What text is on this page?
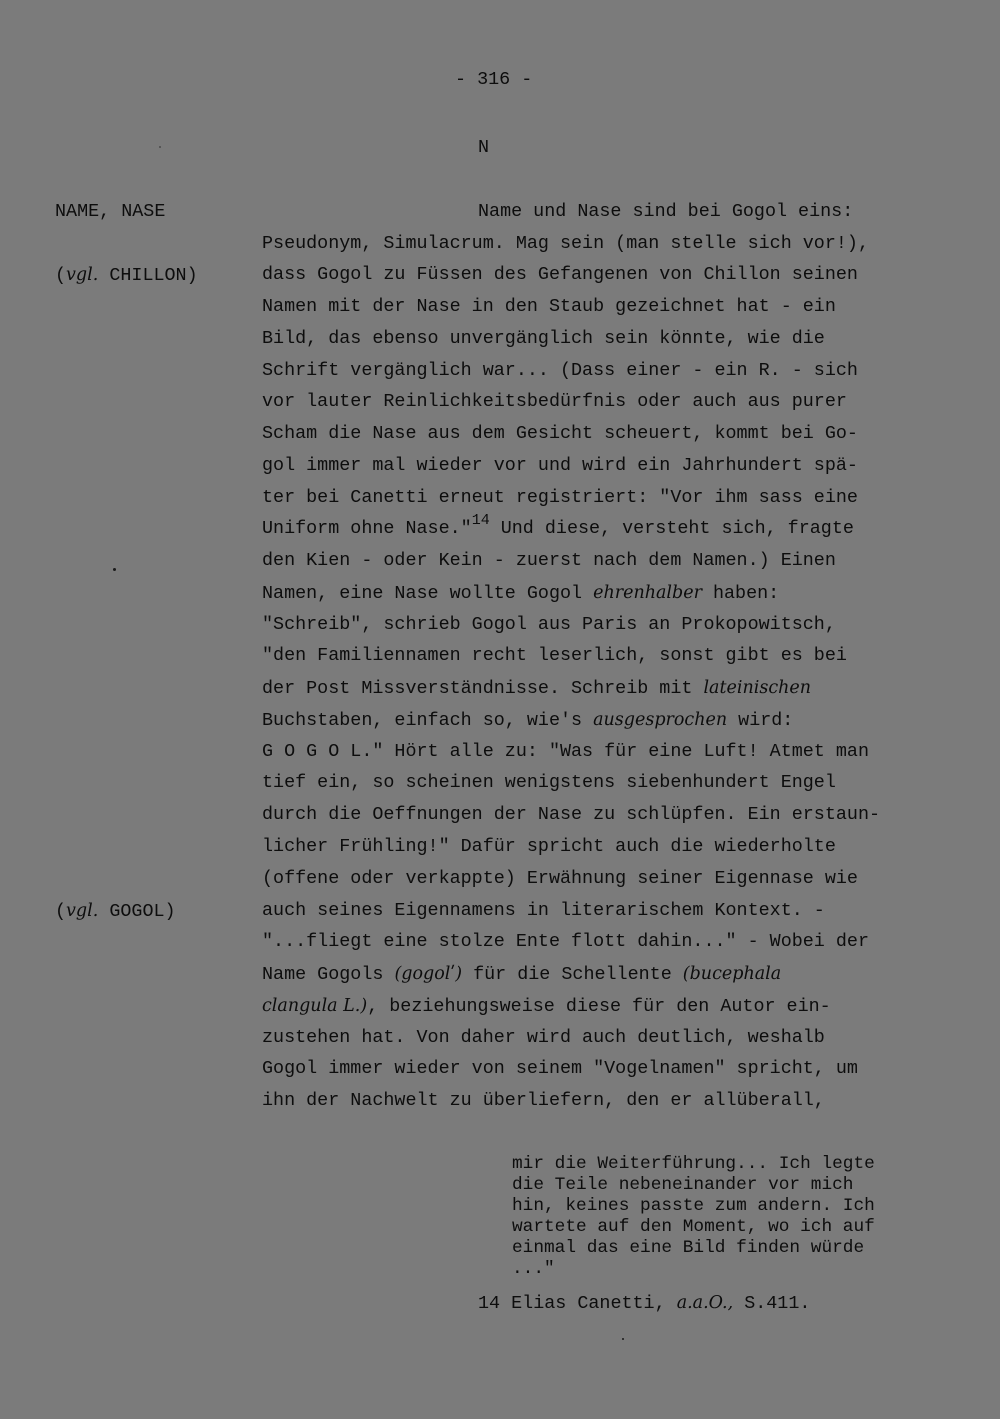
- 316 -
N
NAME, NASE
(vgl. CHILLON)
(vgl. GOGOL)
Name und Nase sind bei Gogol eins:
Pseudonym, Simulacrum. Mag sein (man stelle sich vor!),
dass Gogol zu Füssen des Gefangenen von Chillon seinen
Namen mit der Nase in den Staub gezeichnet hat - ein
Bild, das ebenso unvergänglich sein könnte, wie die
Schrift vergänglich war... (Dass einer - ein R. - sich
vor lauter Reinlichkeitsbedürfnis oder auch aus purer
Scham die Nase aus dem Gesicht scheuert, kommt bei Go-
gol immer mal wieder vor und wird ein Jahrhundert spä-
ter bei Canetti erneut registriert: "Vor ihm sass eine
Uniform ohne Nase."$^{14}$ Und diese, versteht sich, fragte
den Kien - oder Kein - zuerst nach dem Namen.) Einen
Namen, eine Nase wollte Gogol ehrenhalber haben:
"Schreib", schrieb Gogol aus Paris an Prokopowitsch,
"den Familiennamen recht leserlich, sonst gibt es bei
der Post Missverständnisse. Schreib mit lateinischen
Buchstaben, einfach so, wie's ausgesprochen wird:
G O G O L." Hört alle zu: "Was für eine Luft! Atmet man
tief ein, so scheinen wenigstens siebenhundert Engel
durch die Oeffnungen der Nase zu schlüpfen. Ein erstaun-
licher Frühling!" Dafür spricht auch die wiederholte
(offene oder verkappte) Erwähnung seiner Eigennase wie
auch seines Eigennamens in literarischem Kontext. -
"...fliegt eine stolze Ente flott dahin..." - Wobei der
Name Gogols (gogolʹ) für die Schellente (bucephala
clangula L.), beziehungsweise diese für den Autor ein-
zustehen hat. Von daher wird auch deutlich, weshalb
Gogol immer wieder von seinem "Vogelnamen" spricht, um
ihn der Nachwelt zu überliefern, den er allüberall,
mir die Weiterführung... Ich legte
die Teile nebeneinander vor mich
hin, keines passte zum andern. Ich
wartete auf den Moment, wo ich auf
einmal das eine Bild finden würde
..."
14 Elias Canetti, a.a.O., S.411.
